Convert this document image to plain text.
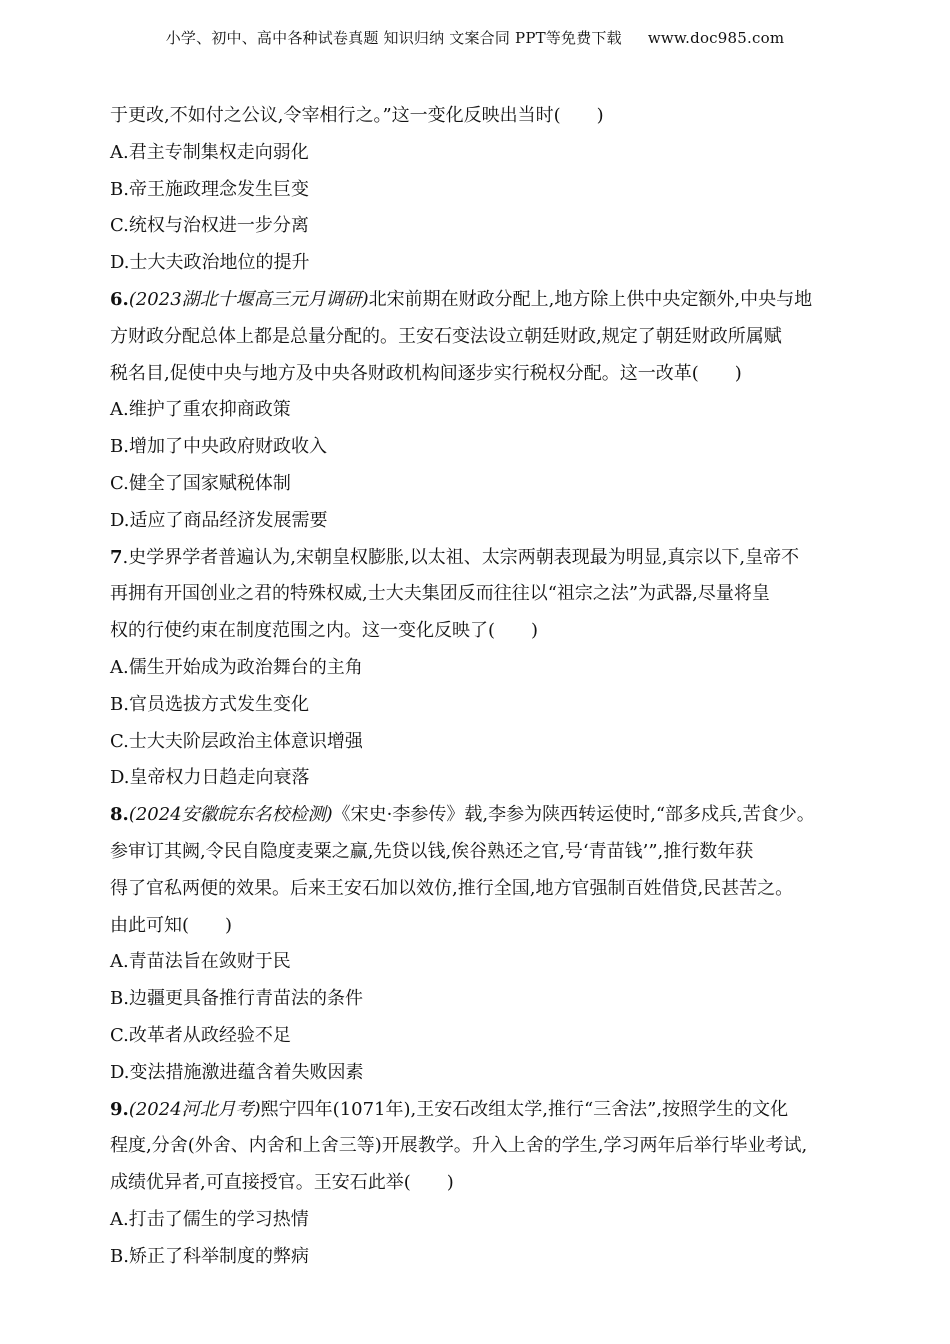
小学、初中、高中各种试卷真题 知识归纳 文案合同 PPT等免费下载 www.doc985.com
于更改,不如付之公议,令宰相行之。”这一变化反映出当时(　　)
A.君主专制集权走向弱化
B.帝王施政理念发生巨变
C.统权与治权进一步分离
D.士大夫政治地位的提升
6.(2023湖北十堰高三元月调研)北宋前期在财政分配上,地方除上供中央定额外,中央与地
方财政分配总体上都是总量分配的。王安石变法设立朝廷财政,规定了朝廷财政所属赋
税名目,促使中央与地方及中央各财政机构间逐步实行税权分配。这一改革(　　)
A.维护了重农抑商政策
B.增加了中央政府财政收入
C.健全了国家赋税体制
D.适应了商品经济发展需要
7.史学界学者普遍认为,宋朝皇权膨胀,以太祖、太宗两朝表现最为明显,真宗以下,皇帝不
再拥有开国创业之君的特殊权威,士大夫集团反而往往以“祖宗之法”为武器,尽量将皇
权的行使约束在制度范围之内。这一变化反映了(　　)
A.儒生开始成为政治舞台的主角
B.官员选拔方式发生变化
C.士大夫阶层政治主体意识增强
D.皇帝权力日趋走向衰落
8.(2024安徽皖东名校检测)《宋史·李参传》载,李参为陕西转运使时,“部多戍兵,苦食少。
参审订其阙,令民自隐度麦粟之赢,先贷以钱,俟谷熟还之官,号‘青苗钱’”,推行数年获
得了官私两便的效果。后来王安石加以效仿,推行全国,地方官强制百姓借贷,民甚苦之。
由此可知(　　)
A.青苗法旨在敛财于民
B.边疆更具备推行青苗法的条件
C.改革者从政经验不足
D.变法措施激进蕴含着失败因素
9.(2024河北月考)熙宁四年(1071年),王安石改组太学,推行“三舍法”,按照学生的文化
程度,分舍(外舍、内舍和上舍三等)开展教学。升入上舍的学生,学习两年后举行毕业考试,
成绩优异者,可直接授官。王安石此举(　　)
A.打击了儒生的学习热情
B.矫正了科举制度的弊病
